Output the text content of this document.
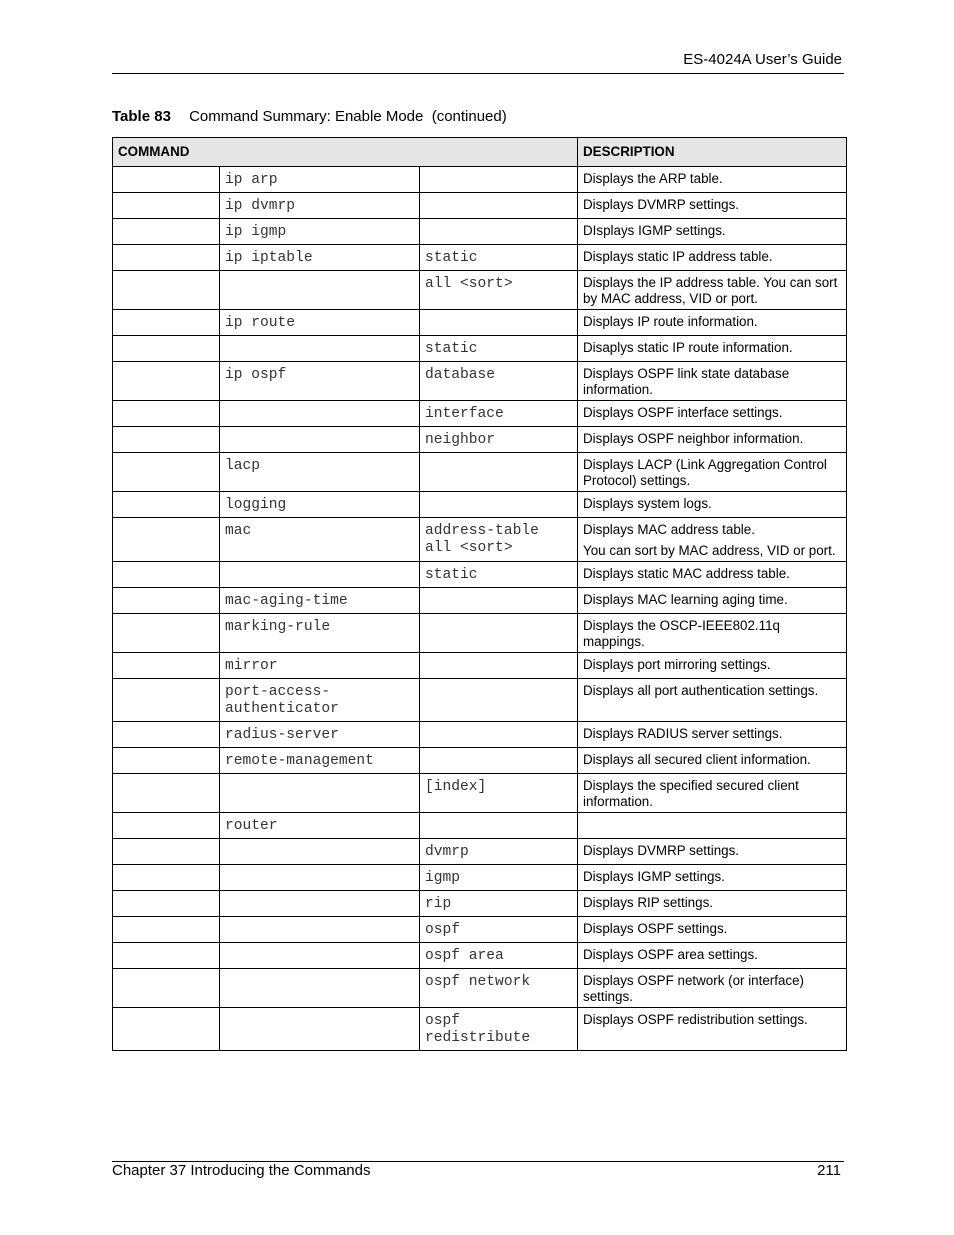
ES-4024A User’s Guide
Table 83 Command Summary: Enable Mode  (continued)
COMMAND			DESCRIPTION
	ip arp		Displays the ARP table.
	ip dvmrp		Displays DVMRP settings.
	ip igmp		DIsplays IGMP settings.
	ip iptable	static	Displays static IP address table.
		all <sort>	Displays the IP address table. You can sort by MAC address, VID or port.
	ip route		Displays IP route information.
		static	Disaplys static IP route information.
	ip ospf	database	Displays OSPF link state database information.
		interface	Displays OSPF interface settings.
		neighbor	Displays OSPF neighbor information.
	lacp		Displays LACP (Link Aggregation Control Protocol) settings.
	logging		Displays system logs.
	mac	address-table all <sort>	Displays MAC address table.
You can sort by MAC address, VID or port.

		static	Displays static MAC address table.
	mac-aging-time		Displays MAC learning aging time.
	marking-rule		Displays the OSCP-IEEE802.11q mappings.
	mirror		Displays port mirroring settings.
	port-access-authenticator		Displays all port authentication settings.
	radius-server		Displays RADIUS server settings.
	remote-management		Displays all secured client information.
		[index]	Displays the specified secured client information.
	router		
		dvmrp	Displays DVMRP settings.
		igmp	Displays IGMP settings.
		rip	Displays RIP settings.
		ospf	Displays OSPF settings.
		ospf area	Displays OSPF area settings.
		ospf network	Displays OSPF network (or interface) settings.
		ospf redistribute	Displays OSPF redistribution settings.
Chapter 37 Introducing the Commands	211
